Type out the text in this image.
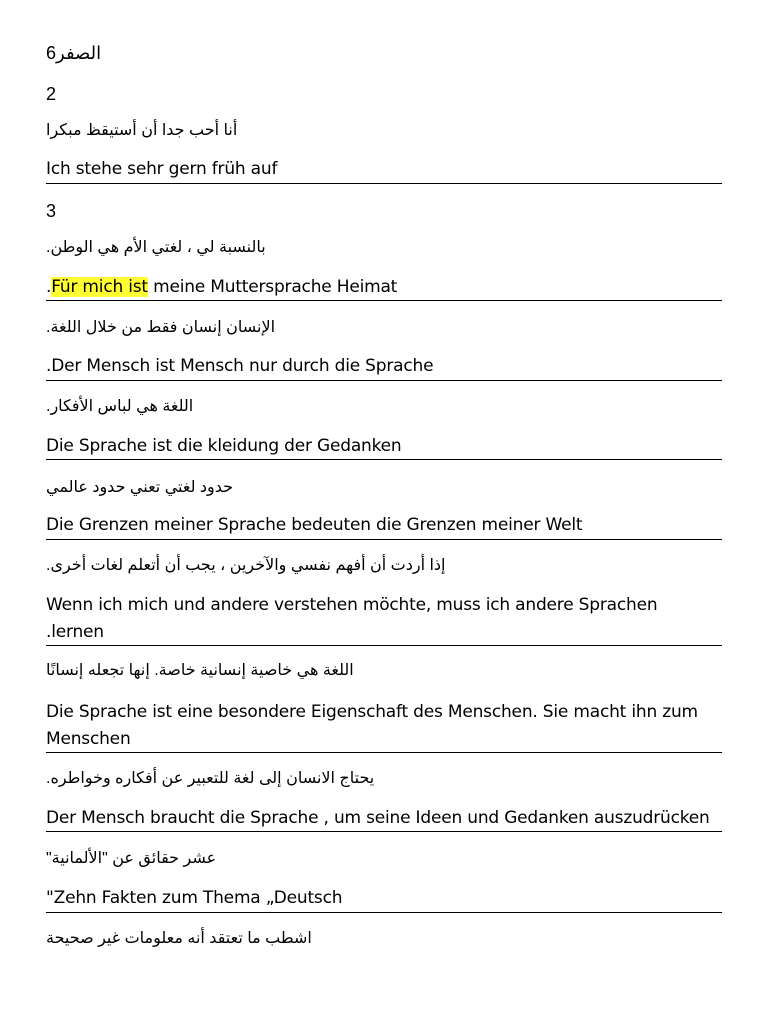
الصفر6
2
أنا أحب جدا أن أستيقظ مبكرا
Ich stehe sehr gern früh auf
3
بالنسبة لي ، لغتي الأم هي الوطن.
.Für mich ist meine Muttersprache Heimat
الإنسان إنسان فقط من خلال اللغة.
.Der Mensch ist Mensch nur durch die Sprache
اللغة هي لباس الأفكار.
Die Sprache ist die kleidung der Gedanken
حدود لغتي تعني حدود عالمي
Die Grenzen meiner Sprache bedeuten die Grenzen meiner Welt
إذا أردت أن أفهم نفسي والآخرين ، يجب أن أتعلم لغات أخرى.
Wenn ich mich und andere verstehen möchte, muss ich andere Sprachen .lernen
اللغة هي خاصية إنسانية خاصة. إنها تجعله إنسانًا
Die Sprache ist eine besondere Eigenschaft des Menschen. Sie macht ihn zum Menschen
يحتاج الانسان إلى لغة للتعبير عن أفكاره وخواطره.
Der Mensch braucht die Sprache , um seine Ideen und Gedanken auszudrücken
عشر حقائق عن "الألمانية"
"Zehn Fakten zum Thema „Deutsch
اشطب ما تعتقد أنه معلومات غير صحيحة
